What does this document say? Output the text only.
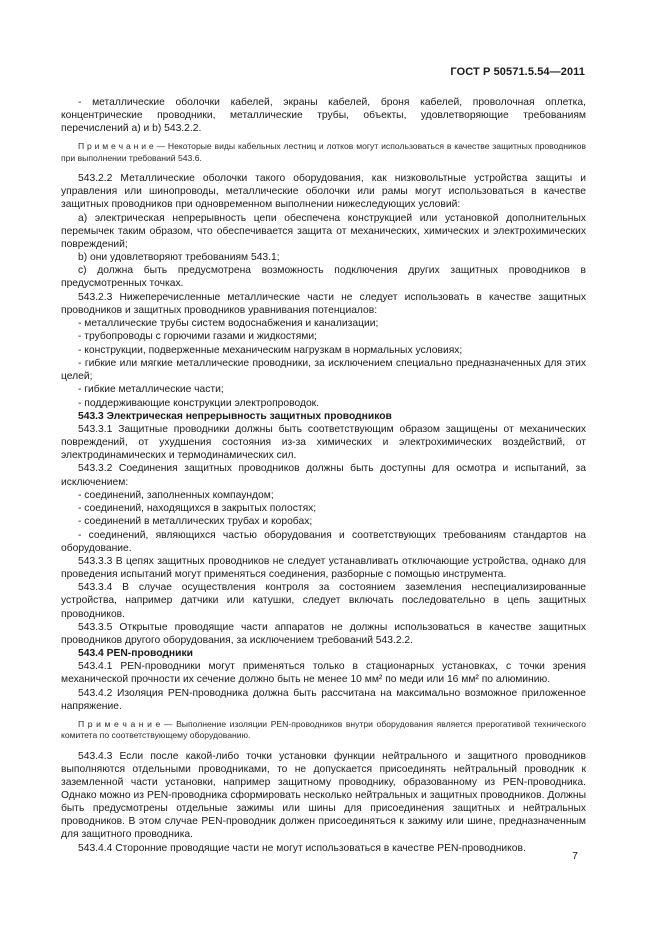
ГОСТ Р 50571.5.54—2011

- металлические оболочки кабелей, экраны кабелей, броня кабелей, проволочная оплетка, концентрические проводники, металлические трубы, объекты, удовлетворяющие требованиям перечислений а) и b) 543.2.2.

П р и м е ч а н и е — Некоторые виды кабельных лестниц и лотков могут использоваться в качестве защитных проводников при выполнении требований 543.6.

543.2.2 Металлические оболочки такого оборудования, как низковольтные устройства защиты и управления или шинопроводы, металлические оболочки или рамы могут использоваться в качестве защитных проводников при одновременном выполнении нижеследующих условий:

а) электрическая непрерывность цепи обеспечена конструкцией или установкой дополнительных перемычек таким образом, что обеспечивается защита от механических, химических и электрохимических повреждений;

b) они удовлетворяют требованиям 543.1;

с) должна быть предусмотрена возможность подключения других защитных проводников в предусмотренных точках.

543.2.3 Нижеперечисленные металлические части не следует использовать в качестве защитных проводников и защитных проводников уравнивания потенциалов:

- металлические трубы систем водоснабжения и канализации;

- трубопроводы с горючими газами и жидкостями;

- конструкции, подверженные механическим нагрузкам в нормальных условиях;

- гибкие или мягкие металлические проводники, за исключением специально предназначенных для этих целей;

- гибкие металлические части;

- поддерживающие конструкции электропроводок.

543.3 Электрическая непрерывность защитных проводников

543.3.1 Защитные проводники должны быть соответствующим образом защищены от механических повреждений, от ухудшения состояния из-за химических и электрохимических воздействий, от электродинамических и термодинамических сил.

543.3.2 Соединения защитных проводников должны быть доступны для осмотра и испытаний, за исключением:

- соединений, заполненных компаундом;

- соединений, находящихся в закрытых полостях;

- соединений в металлических трубах и коробах;

- соединений, являющихся частью оборудования и соответствующих требованиям стандартов на оборудование.

543.3.3 В цепях защитных проводников не следует устанавливать отключающие устройства, однако для проведения испытаний могут применяться соединения, разборные с помощью инструмента.

543.3.4 В случае осуществления контроля за состоянием заземления неспециализированные устройства, например датчики или катушки, следует включать последовательно в цепь защитных проводников.

543.3.5 Открытые проводящие части аппаратов не должны использоваться в качестве защитных проводников другого оборудования, за исключением требований 543.2.2.

543.4 PEN-проводники

543.4.1 PEN-проводники могут применяться только в стационарных установках, с точки зрения механической прочности их сечение должно быть не менее 10 мм² по меди или 16 мм² по алюминию.

543.4.2 Изоляция PEN-проводника должна быть рассчитана на максимально возможное приложенное напряжение.

П р и м е ч а н и е — Выполнение изоляции PEN-проводников внутри оборудования является прерогативой технического комитета по соответствующему оборудованию.

543.4.3 Если после какой-либо точки установки функции нейтрального и защитного проводников выполняются отдельными проводниками, то не допускается присоединять нейтральный проводник к заземленной части установки, например защитному проводнику, образованному из PEN-проводника. Однако можно из PEN-проводника сформировать несколько нейтральных и защитных проводников. Должны быть предусмотрены отдельные зажимы или шины для присоединения защитных и нейтральных проводников. В этом случае PEN-проводник должен присоединяться к зажиму или шине, предназначенным для защитного проводника.

543.4.4 Сторонние проводящие части не могут использоваться в качестве PEN-проводников.

7
